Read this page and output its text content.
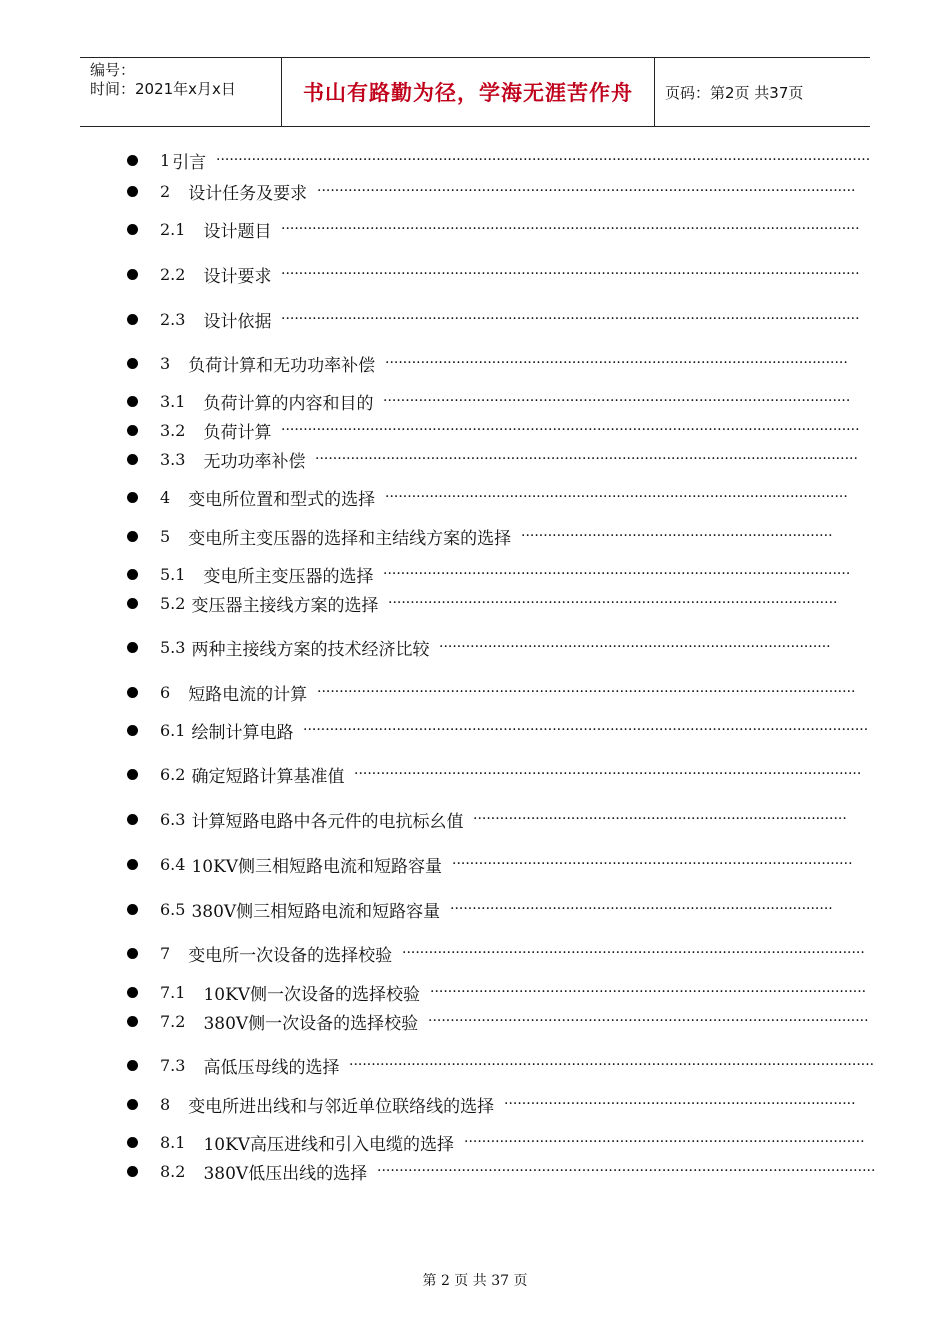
编号：
时间：2021年x月x日	书山有路勤为径，学海无涯苦作舟	页码：第2页 共37页
1 引言 ···················································································································································
2 设计任务及要求 ·························································································································
2.1 设计题目 ··································································································································
2.2 设计要求 ··································································································································
2.3 设计依据 ··································································································································
3 负荷计算和无功功率补偿 ········································································································
3.1 负荷计算的内容和目的 ·········································································································
3.2 负荷计算 ··································································································································
3.3 无功功率补偿 ··························································································································
4 变电所位置和型式的选择 ········································································································
5 变电所主变压器的选择和主结线方案的选择 ······································································
5.1 变电所主变压器的选择 ·········································································································
5.2 变压器主接线方案的选择 ·····································································································
5.3 两种主接线方案的技术经济比较 ························································································
6 短路电流的计算 ·························································································································
6.1 绘制计算电路 ·······························································································································
6.2 确定短路计算基准值 ··················································································································
6.3 计算短路电路中各元件的电抗标幺值 ····················································································
6.4 10KV侧三相短路电流和短路容量 ··························································································
6.5 380V侧三相短路电流和短路容量 ······················································································
7 变电所一次设备的选择校验 ········································································································
7.1 10KV侧一次设备的选择校验 ··································································································
7.2 380V侧一次设备的选择校验 ···································································································
7.3 高低压母线的选择 ······················································································································
8 变电所进出线和与邻近单位联络线的选择 ···············································································
8.1 10KV高压进线和引入电缆的选择 ··························································································
8.2 380V低压出线的选择 ················································································································
第 2 页 共 37 页
